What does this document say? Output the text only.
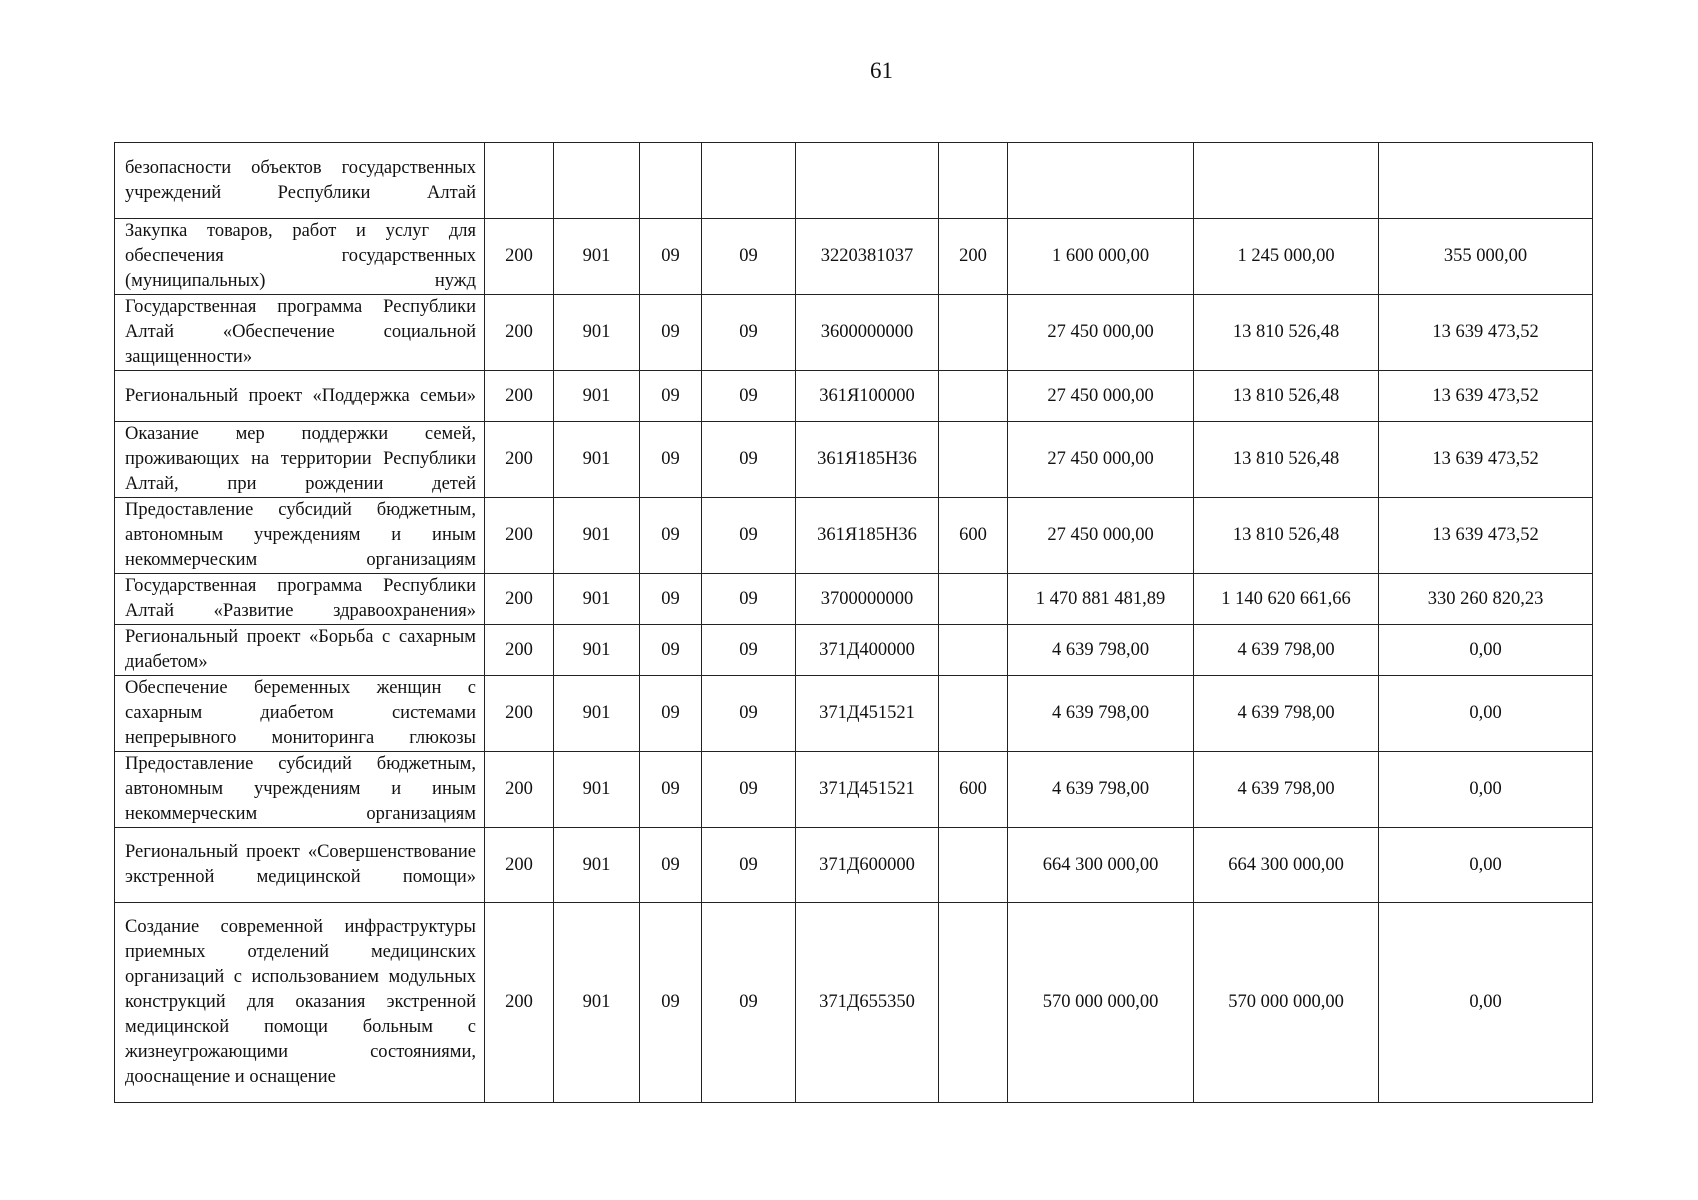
61
безопасности объектов государственных учреждений Республики Алтай									
Закупка товаров, работ и услуг для обеспечения государственных (муниципальных) нужд	200	901	09	09	3220381037	200	1 600 000,00	1 245 000,00	355 000,00
Государственная программа Республики Алтай «Обеспечение социальной защищенности»	200	901	09	09	3600000000		27 450 000,00	13 810 526,48	13 639 473,52
Региональный проект «Поддержка семьи»	200	901	09	09	361Я100000		27 450 000,00	13 810 526,48	13 639 473,52
Оказание мер поддержки семей, проживающих на территории Республики Алтай, при рождении детей	200	901	09	09	361Я185Н36		27 450 000,00	13 810 526,48	13 639 473,52
Предоставление субсидий бюджетным, автономным учреждениям и иным некоммерческим организациям	200	901	09	09	361Я185Н36	600	27 450 000,00	13 810 526,48	13 639 473,52
Государственная программа Республики Алтай «Развитие здравоохранения»	200	901	09	09	3700000000		1 470 881 481,89	1 140 620 661,66	330 260 820,23
Региональный проект «Борьба с сахарным диабетом»	200	901	09	09	371Д400000		4 639 798,00	4 639 798,00	0,00
Обеспечение беременных женщин с сахарным диабетом системами непрерывного мониторинга глюкозы	200	901	09	09	371Д451521		4 639 798,00	4 639 798,00	0,00
Предоставление субсидий бюджетным, автономным учреждениям и иным некоммерческим организациям	200	901	09	09	371Д451521	600	4 639 798,00	4 639 798,00	0,00
Региональный проект «Совершенствование экстренной медицинской помощи»	200	901	09	09	371Д600000		664 300 000,00	664 300 000,00	0,00
Создание современной инфраструктуры приемных отделений медицинских организаций с использованием модульных конструкций для оказания экстренной медицинской помощи больным с жизнеугрожающими состояниями, дооснащение и оснащение	200	901	09	09	371Д655350		570 000 000,00	570 000 000,00	0,00
